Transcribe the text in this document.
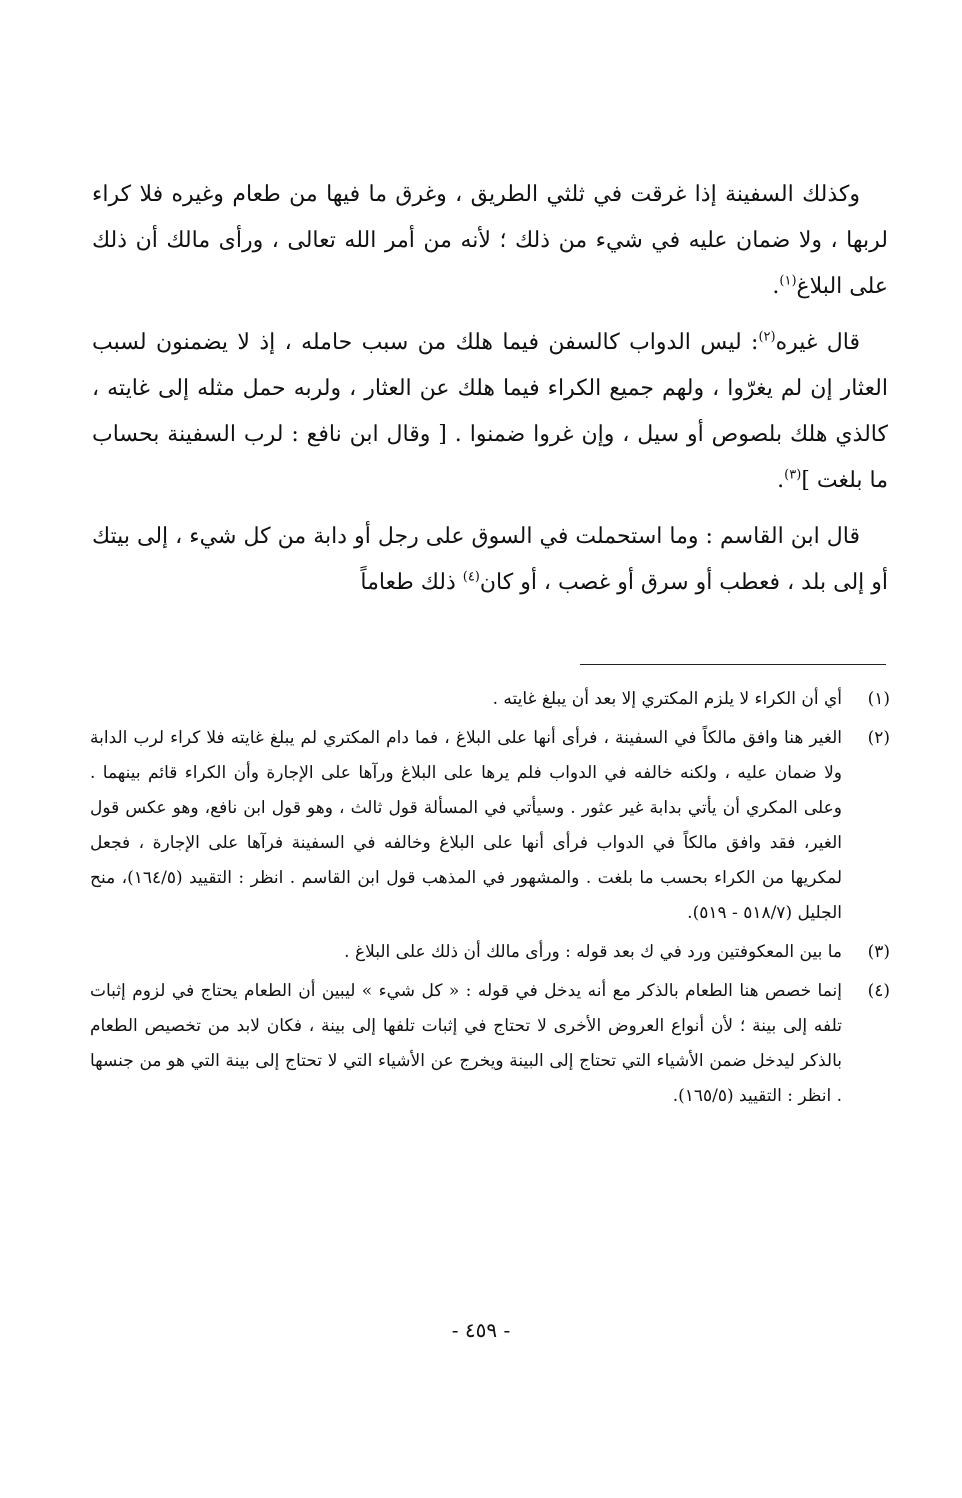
وكذلك السفينة إذا غرقت في ثلثي الطريق ، وغرق ما فيها من طعام وغيره فلا كراء لربها ، ولا ضمان عليه في شيء من ذلك ؛ لأنه من أمر الله تعالى ، ورأى مالك أن ذلك على البلاغ$^{(١)}$.

قال غيره$^{(٢)}$: ليس الدواب كالسفن فيما هلك من سبب حامله ، إذ لا يضمنون لسبب العثار إن لم يغرّوا ، ولهم جميع الكراء فيما هلك عن العثار ، ولربه حمل مثله إلى غايته ، كالذي هلك بلصوص أو سيل ، وإن غروا ضمنوا . [ وقال ابن نافع : لرب السفينة بحساب ما بلغت ]$^{(٣)}$.

قال ابن القاسم : وما استحملت في السوق على رجل أو دابة من كل شيء ، إلى بيتك أو إلى بلد ، فعطب أو سرق أو غصب ، أو كان$^{(٤)}$ ذلك طعاماً

(١)
أي أن الكراء لا يلزم المكتري إلا بعد أن يبلغ غايته .
(٢)
الغير هنا وافق مالكاً في السفينة ، فرأى أنها على البلاغ ، فما دام المكتري لم يبلغ غايته فلا كراء لرب الدابة ولا ضمان عليه ، ولكنه خالفه في الدواب فلم يرها على البلاغ ورآها على الإجارة وأن الكراء قائم بينهما . وعلى المكري أن يأتي بدابة غير عثور . وسيأتي في المسألة قول ثالث ، وهو قول ابن نافع، وهو عكس قول الغير، فقد وافق مالكاً في الدواب فرأى أنها على البلاغ وخالفه في السفينة فرآها على الإجارة ، فجعل لمكريها من الكراء بحسب ما بلغت . والمشهور في المذهب قول ابن القاسم . انظر : التقييد (١٦٤/٥)، منح الجليل (٥١٨/٧ - ٥١٩).
(٣)
ما بين المعكوفتين ورد في ك بعد قوله : ورأى مالك أن ذلك على البلاغ .
(٤)
إنما خصص هنا الطعام بالذكر مع أنه يدخل في قوله : « كل شيء » ليبين أن الطعام يحتاج في لزوم إثبات تلفه إلى بينة ؛ لأن أنواع العروض الأخرى لا تحتاج في إثبات تلفها إلى بينة ، فكان لابد من تخصيص الطعام بالذكر ليدخل ضمن الأشياء التي تحتاج إلى البينة ويخرج عن الأشياء التي لا تحتاج إلى بينة التي هو من جنسها . انظر : التقييد (١٦٥/٥).
- ٤٥٩ -
